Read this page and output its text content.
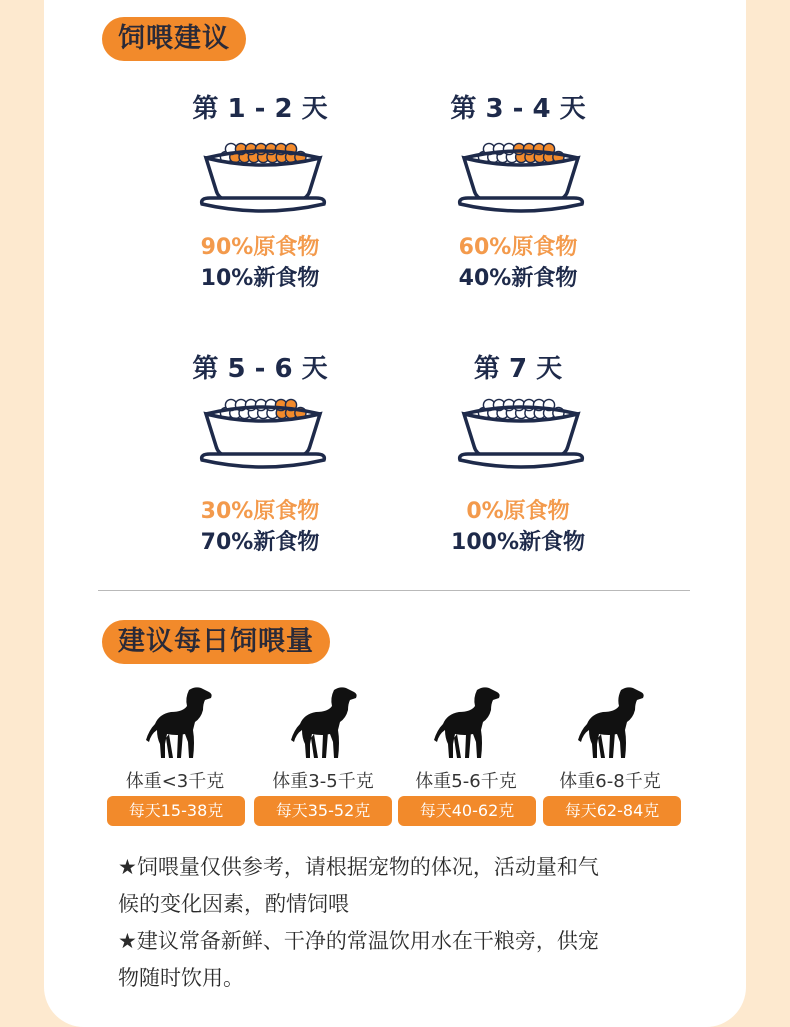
饲喂建议
第 1 - 2 天
90%原食物
10%新食物
第 3 - 4 天
60%原食物
40%新食物
第 5 - 6 天
30%原食物
70%新食物
第 7 天
0%原食物
100%新食物
建议每日饲喂量
体重<3千克	体重3-5千克	体重5-6千克	体重6-8千克
每天15-38克	每天35-52克	每天40-62克	每天62-84克
★饲喂量仅供参考，请根据宠物的体况，活动量和气
候的变化因素，酌情饲喂
★建议常备新鲜、干净的常温饮用水在干粮旁，供宠
物随时饮用。
